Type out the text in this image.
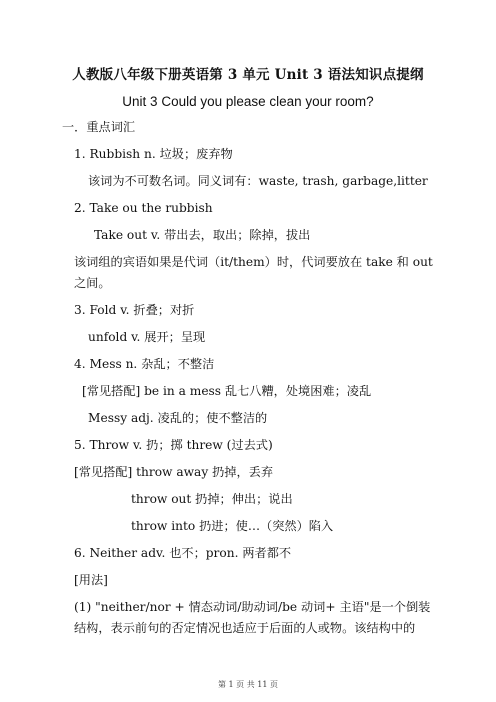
人教版八年级下册英语第 3 单元 Unit 3 语法知识点提纲
Unit 3 Could you please clean your room?
一．重点词汇
1. Rubbish n. 垃圾；废弃物
该词为不可数名词。同义词有：waste, trash, garbage,litter
2. Take ou the rubbish
Take out v. 带出去，取出；除掉，拔出
该词组的宾语如果是代词（it/them）时，代词要放在 take 和 out
之间。
3. Fold v. 折叠；对折
unfold v. 展开；呈现
4. Mess n. 杂乱；不整洁
[常见搭配] be in a mess 乱七八糟，处境困难；凌乱
Messy adj. 凌乱的；使不整洁的
5. Throw v. 扔；掷 threw (过去式)
[常见搭配] throw away 扔掉，丢弃
throw out 扔掉；伸出；说出
throw into 扔进；使…（突然）陷入
6. Neither adv. 也不；pron. 两者都不
[用法]
(1) "neither/nor + 情态动词/助动词/be 动词+ 主语"是一个倒装
结构，表示前句的否定情况也适应于后面的人或物。该结构中的
第 1 页 共 11 页
